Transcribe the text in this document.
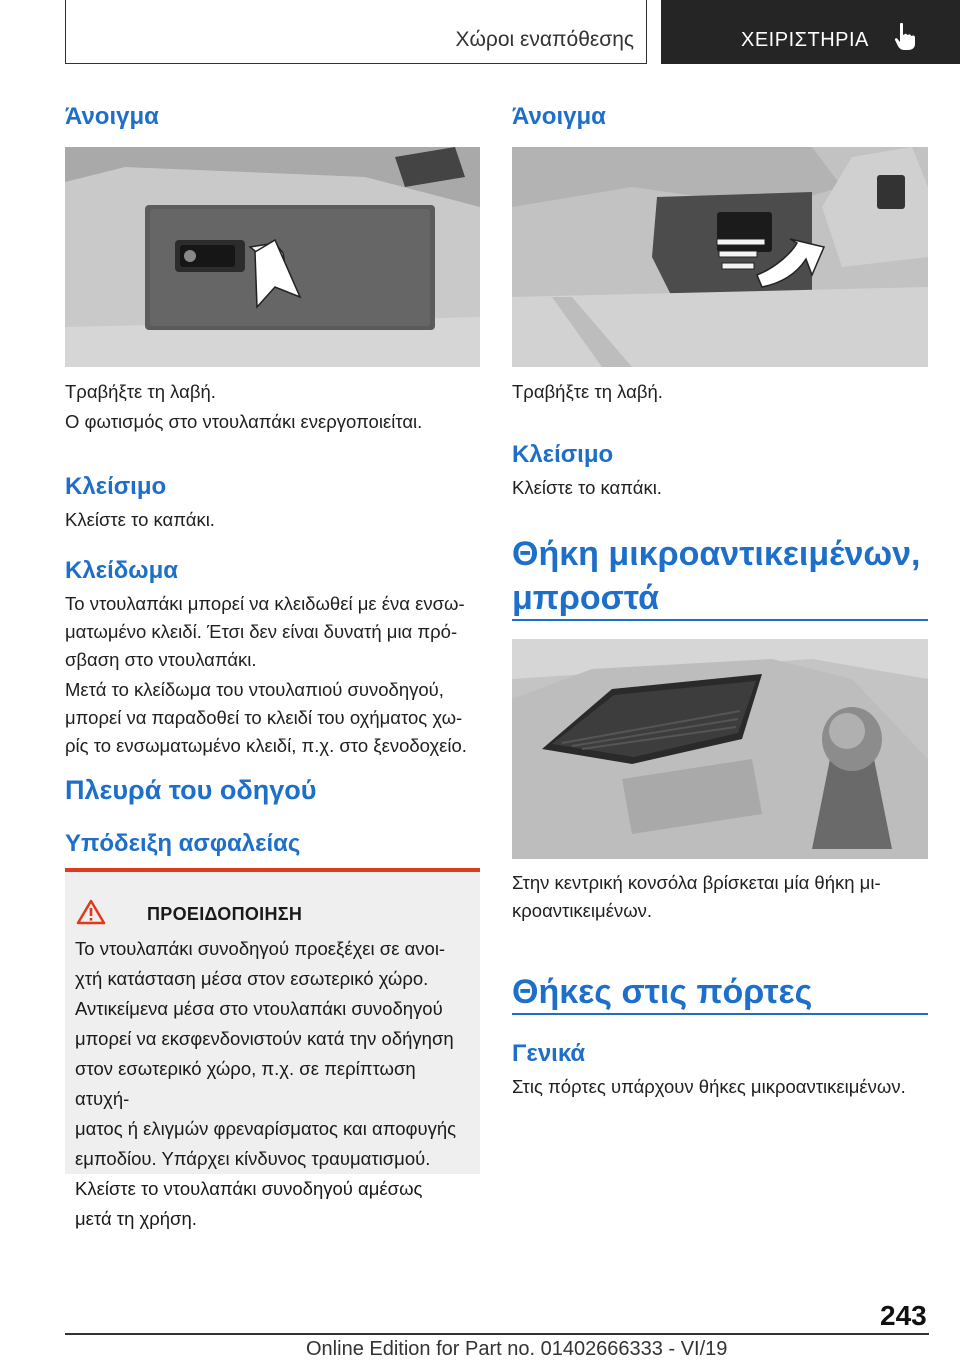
Χώροι εναπόθεσης	ΧΕΙΡΙΣΤΗΡΙΑ
Άνοιγμα

Τραβήξτε τη λαβή.

Ο φωτισμός στο ντουλαπάκι ενεργοποιείται.

Κλείσιμο

Κλείστε το καπάκι.

Κλείδωμα

Το ντουλαπάκι μπορεί να κλειδωθεί με ένα ενσω‐

ματωμένο κλειδί. Έτσι δεν είναι δυνατή μια πρό‐

σβαση στο ντουλαπάκι.

Μετά το κλείδωμα του ντουλαπιού συνοδηγού,

μπορεί να παραδοθεί το κλειδί του οχήματος χω‐

ρίς το ενσωματωμένο κλειδί, π.χ. στο ξενοδοχείο.

Πλευρά του οδηγού
Υπόδειξη ασφαλείας
ΠΡΟΕΙΔΟΠΟΙΗΣΗ
Το ντουλαπάκι συνοδηγού προεξέχει σε ανοι‐
χτή κατάσταση μέσα στον εσωτερικό χώρο.
Αντικείμενα μέσα στο ντουλαπάκι συνοδηγού
μπορεί να εκσφενδονιστούν κατά την οδήγηση
στον εσωτερικό χώρο, π.χ. σε περίπτωση ατυχή‐
ματος ή ελιγμών φρεναρίσματος και αποφυγής
εμποδίου. Υπάρχει κίνδυνος τραυματισμού.
Κλείστε το ντουλαπάκι συνοδηγού αμέσως
μετά τη χρήση.
Άνοιγμα

Τραβήξτε τη λαβή.

Κλείσιμο

Κλείστε το καπάκι.

Θήκη μικροαντικειμένων,
μπροστά

Στην κεντρική κονσόλα βρίσκεται μία θήκη μι‐

κροαντικειμένων.

Θήκες στις πόρτες
Γενικά

Στις πόρτες υπάρχουν θήκες μικροαντικειμένων.

243
Online Edition for Part no. 01402666333 - VI/19
